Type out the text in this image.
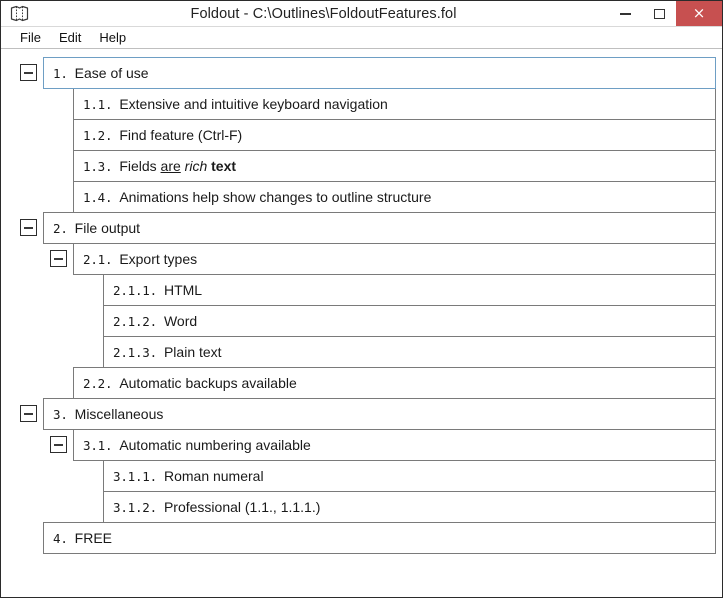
Foldout - C:\Outlines\FoldoutFeatures.fol	×
File	Edit	Help
1. Ease of use
1.1. Extensive and intuitive keyboard navigation
1.2. Find feature (Ctrl-F)
1.3. Fields are rich text
1.4. Animations help show changes to outline structure
2. File output
2.1. Export types
2.1.1. HTML
2.1.2. Word
2.1.3. Plain text
2.2. Automatic backups available
3. Miscellaneous
3.1. Automatic numbering available
3.1.1. Roman numeral
3.1.2. Professional (1.1., 1.1.1.)
4. FREE
